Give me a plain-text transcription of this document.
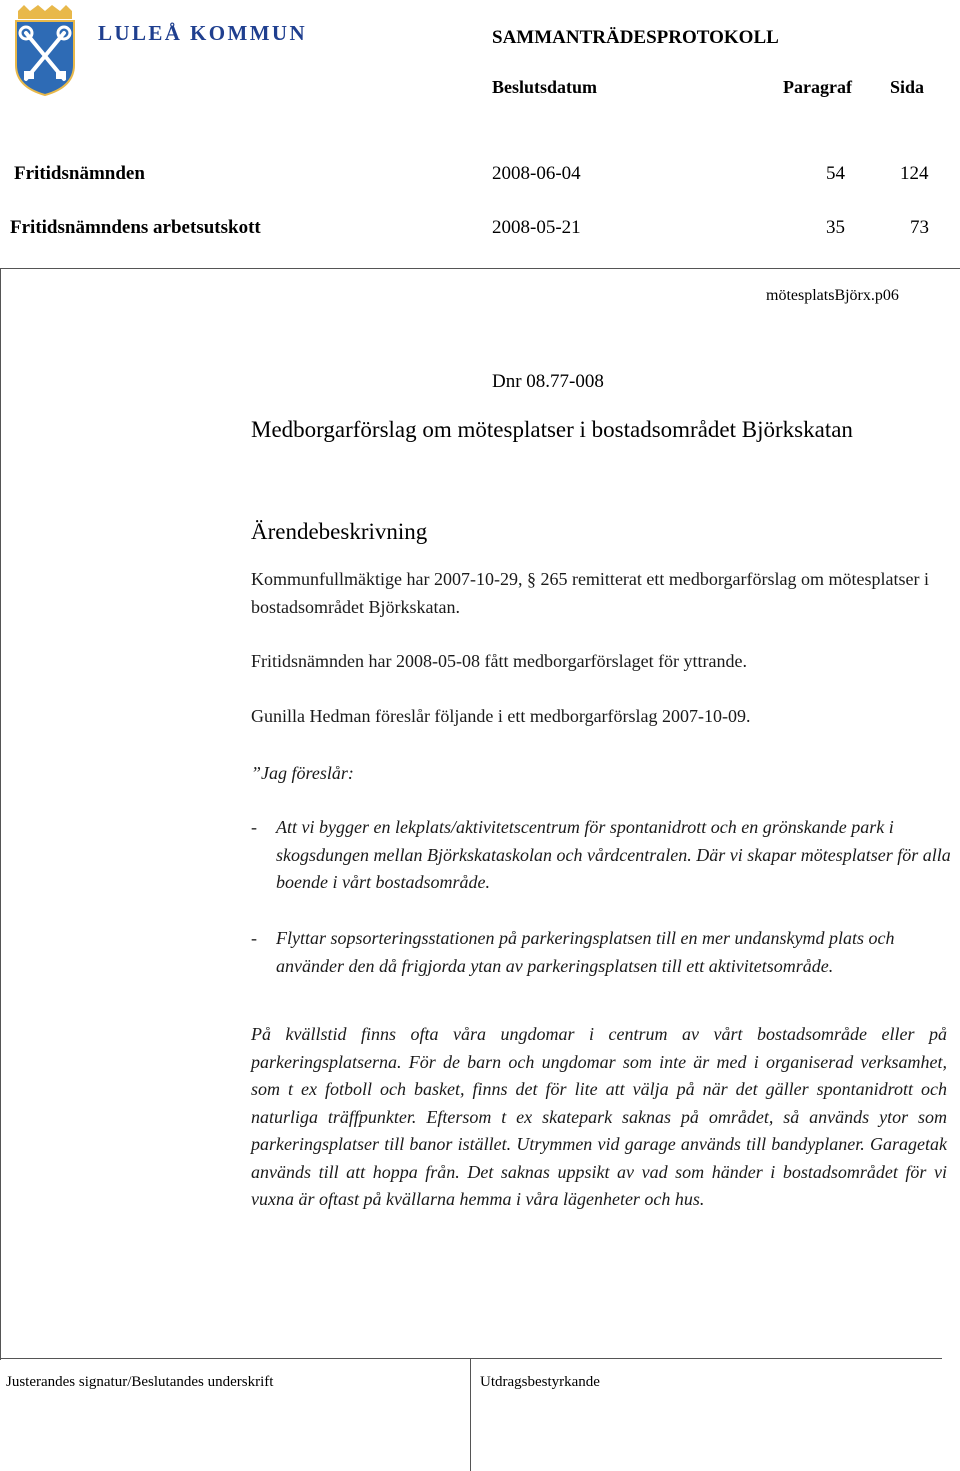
LULEÅ KOMMUN	SAMMANTRÄDESPROTOKOLL
Beslutsdatum	Paragraf Sida
Fritidsnämnden	2008-06-04	54	124
Fritidsnämndens arbetsutskott	2008-05-21	35	73
mötesplatsBjörx.p06
Dnr 08.77-008
Medborgarförslag om mötesplatser i bostadsområdet Björkskatan
Ärendebeskrivning
Kommunfullmäktige har 2007-10-29, § 265 remitterat ett medborgarförslag om mötesplatser i bostadsområdet Björkskatan.
Fritidsnämnden har 2008-05-08 fått medborgarförslaget för yttrande.
Gunilla Hedman föreslår följande i ett medborgarförslag 2007-10-09.
”Jag föreslår:
- Att vi bygger en lekplats/aktivitetscentrum för spontanidrott och en grönskande park i skogsdungen mellan Björkskataskolan och vårdcentralen. Där vi skapar mötesplatser för alla boende i vårt bostadsområde.
- Flyttar sopsorteringsstationen på parkeringsplatsen till en mer undanskymd plats och använder den då frigjorda ytan av parkeringsplatsen till ett aktivitetsområde.
På kvällstid finns ofta våra ungdomar i centrum av vårt bostadsområde eller på parkeringsplatserna. För de barn och ungdomar som inte är med i organiserad verksamhet, som t ex fotboll och basket, finns det för lite att välja på när det gäller spontanidrott och naturliga träffpunkter. Eftersom t ex skatepark saknas på området, så används ytor som parkeringsplatser till banor istället. Utrymmen vid garage används till bandyplaner. Garagetak används till att hoppa från. Det saknas uppsikt av vad som händer i bostadsområdet för vi vuxna är oftast på kvällarna hemma i våra lägenheter och hus.
Justerandes signatur/Beslutandes underskrift	Utdragsbestyrkande
